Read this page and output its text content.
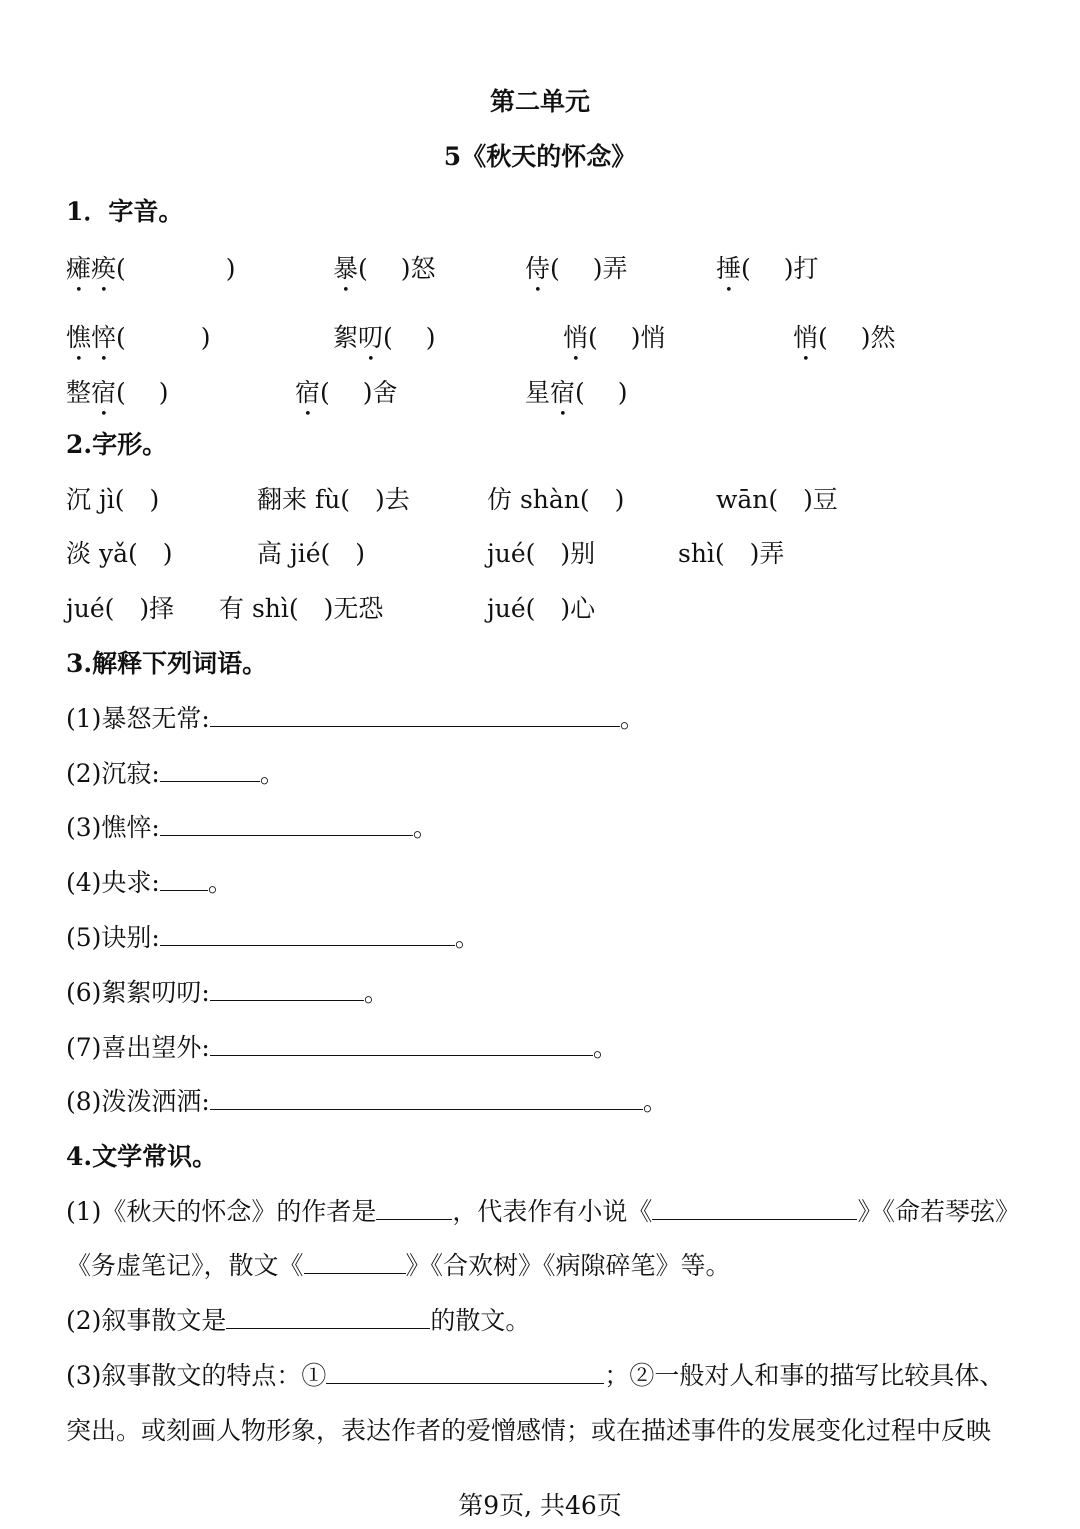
第二单元
5《秋天的怀念》
1．字音。
瘫痪(　　　　)	暴(　 )怒	侍(　 )弄	捶(　 )打
憔悴(　　　)	絮叨( 　)	悄(　 )悄	悄(　 )然
整宿(　 )	宿(　 )舍	星宿(　 )
2.字形。
沉 jì(　)	翻来 fù(　)去	仿 shàn(　)	wān(　)豆
淡 yǎ(　)	高 jié(　)	jué(　)别	shì(　)弄
jué(　)择 有 shì(　)无恐	jué(　)心
3.解释下列词语。
(1)暴怒无常:	。
(2)沉寂:	。
(3)憔悴:	。
(4)央求: 。
(5)诀别:	。
(6)絮絮叨叨:	。
(7)喜出望外:	。
(8)泼泼洒洒:	。
4.文学常识。
(1)《秋天的怀念》的作者是	，代表作有小说《	》《命若琴弦》
《务虚笔记》，散文《	》《合欢树》《病隙碎笔》等。
(2)叙事散文是	的散文。
(3)叙事散文的特点：①	；②一般对人和事的描写比较具体、
突出。或刻画人物形象，表达作者的爱憎感情；或在描述事件的发展变化过程中反映
第9页, 共46页
